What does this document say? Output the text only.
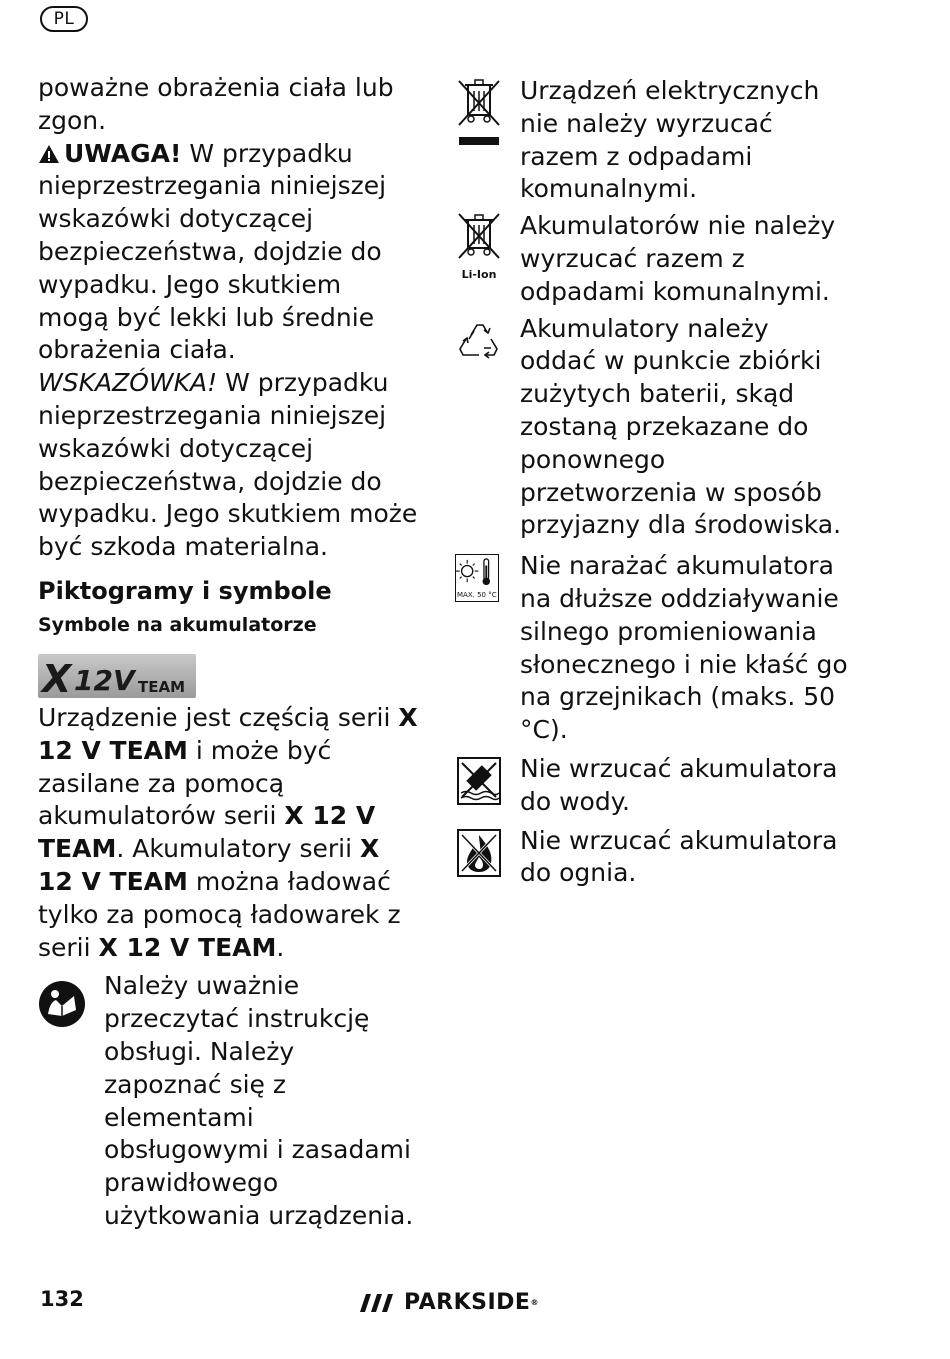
PL

poważne obrażenia ciała lub zgon.

UWAGA! W przypadku nieprzestrzegania niniejszej wskazówki dotyczącej bezpieczeństwa, dojdzie do wypadku. Jego skutkiem mogą być lekki lub średnie obrażenia ciała.

WSKAZÓWKA! W przypadku nieprzestrzegania niniejszej wskazówki dotyczącej bezpieczeństwa, dojdzie do wypadku. Jego skutkiem może być szkoda materialna.

Piktogramy i symbole

Symbole na akumulatorze

X 12V TEAM

Urządzenie jest częścią serii X 12 V TEAM i może być zasilane za pomocą akumulatorów serii X 12 V TEAM. Akumulatory serii X 12 V TEAM można ładować tylko za pomocą ładowarek z serii X 12 V TEAM.

Należy uważnie przeczytać instrukcję obsługi. Należy zapoznać się z elementami obsługowymi i zasadami prawidłowego użytkowania urządzenia.
Urządzeń elektrycznych nie należy wyrzucać razem z odpadami komunalnymi.
Li-Ion
Akumulatorów nie należy wyrzucać razem z odpadami komunalnymi.
Akumulatory należy oddać w punkcie zbiórki zużytych baterii, skąd zostaną przekazane do ponownego przetworzenia w sposób przyjazny dla środowiska.
MAX. 50 °C
Nie narażać akumulatora na dłuższe oddziaływanie silnego promieniowania słonecznego i nie kłaść go na grzejnikach (maks. 50 °C).
Nie wrzucać akumulatora do wody.
Nie wrzucać akumulatora do ognia.
132	PARKSIDE ®
